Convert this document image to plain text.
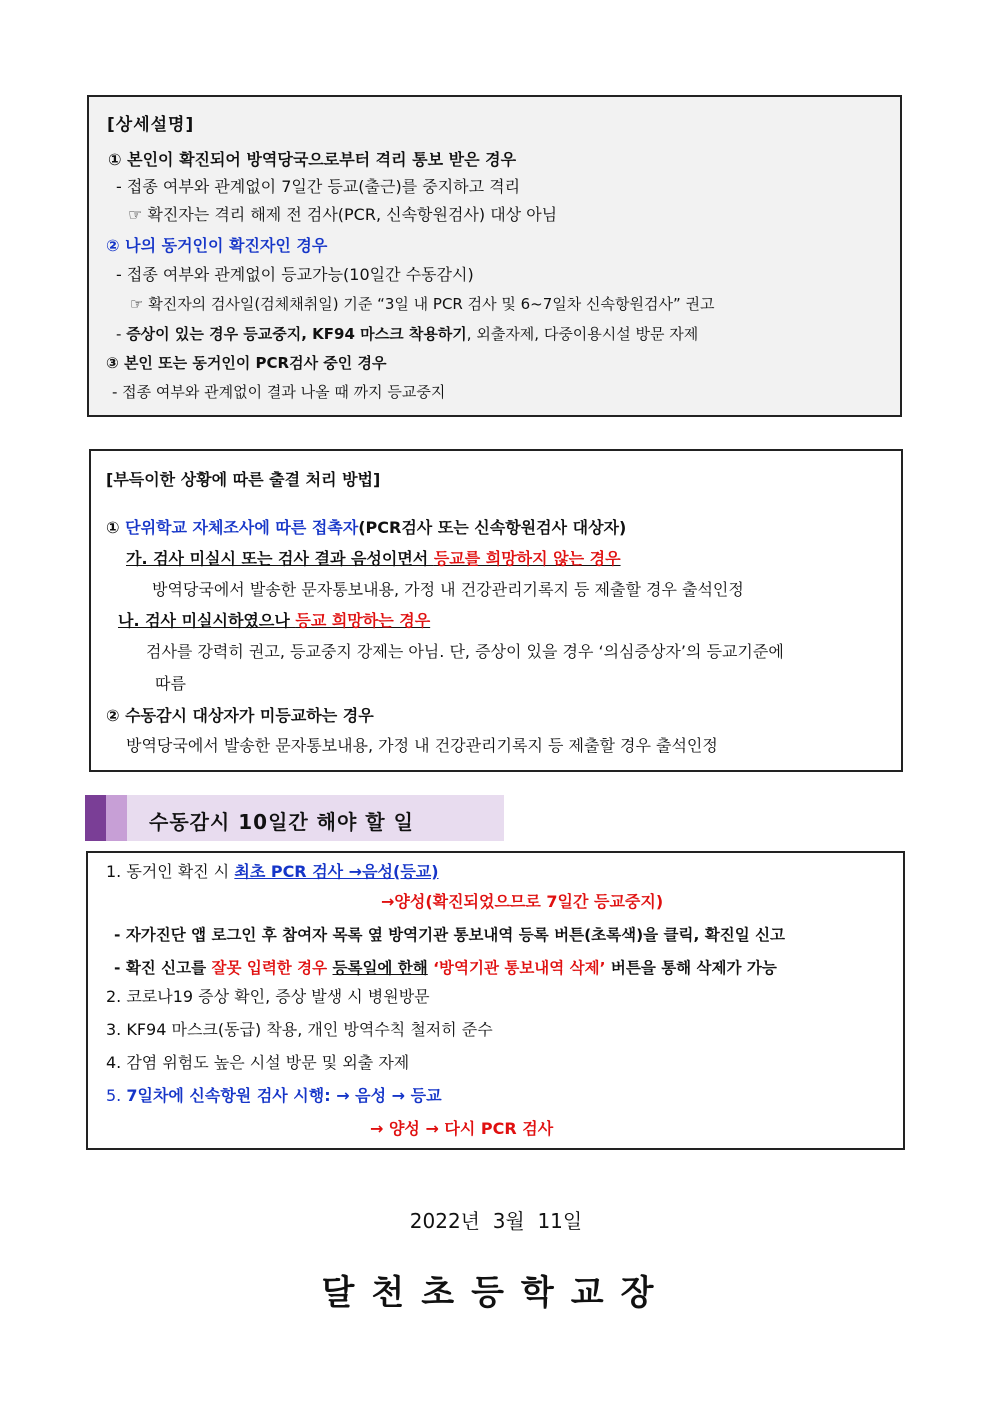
[상세설명]
① 본인이 확진되어 방역당국으로부터 격리 통보 받은 경우
- 접종 여부와 관계없이 7일간 등교(출근)를 중지하고 격리
☞ 확진자는 격리 해제 전 검사(PCR, 신속항원검사) 대상 아님
② 나의 동거인이 확진자인 경우
- 접종 여부와 관계없이 등교가능(10일간 수동감시)
☞ 확진자의 검사일(검체채취일) 기준 “3일 내 PCR 검사 및 6~7일차 신속항원검사” 권고
- 증상이 있는 경우 등교중지, KF94 마스크 착용하기, 외출자제, 다중이용시설 방문 자제
③ 본인 또는 동거인이 PCR검사 중인 경우
- 접종 여부와 관계없이 결과 나올 때 까지 등교중지
[부득이한 상황에 따른 출결 처리 방법]
① 단위학교 자체조사에 따른 접촉자(PCR검사 또는 신속항원검사 대상자)
가. 검사 미실시 또는 검사 결과 음성이면서 등교를 희망하지 않는 경우
방역당국에서 발송한 문자통보내용, 가정 내 건강관리기록지 등 제출할 경우 출석인정
나. 검사 미실시하였으나 등교 희망하는 경우
검사를 강력히 권고, 등교중지 강제는 아님. 단, 증상이 있을 경우 ‘의심증상자’의 등교기준에
따름
② 수동감시 대상자가 미등교하는 경우
방역당국에서 발송한 문자통보내용, 가정 내 건강관리기록지 등 제출할 경우 출석인정
수동감시 10일간 해야 할 일
1. 동거인 확진 시 최초 PCR 검사 →음성(등교)
→양성(확진되었으므로 7일간 등교중지)
- 자가진단 앱 로그인 후 참여자 목록 옆 방역기관 통보내역 등록 버튼(초록색)을 클릭, 확진일 신고
- 확진 신고를 잘못 입력한 경우 등록일에 한해 ‘방역기관 통보내역 삭제’ 버튼을 통해 삭제가 가능
2. 코로나19 증상 확인, 증상 발생 시 병원방문
3. KF94 마스크(동급) 착용, 개인 방역수칙 철저히 준수
4. 감염 위험도 높은 시설 방문 및 외출 자제
5. 7일차에 신속항원 검사 시행: → 음성 → 등교
→ 양성 → 다시 PCR 검사
2022년  3월  11일
달천초등학교장
